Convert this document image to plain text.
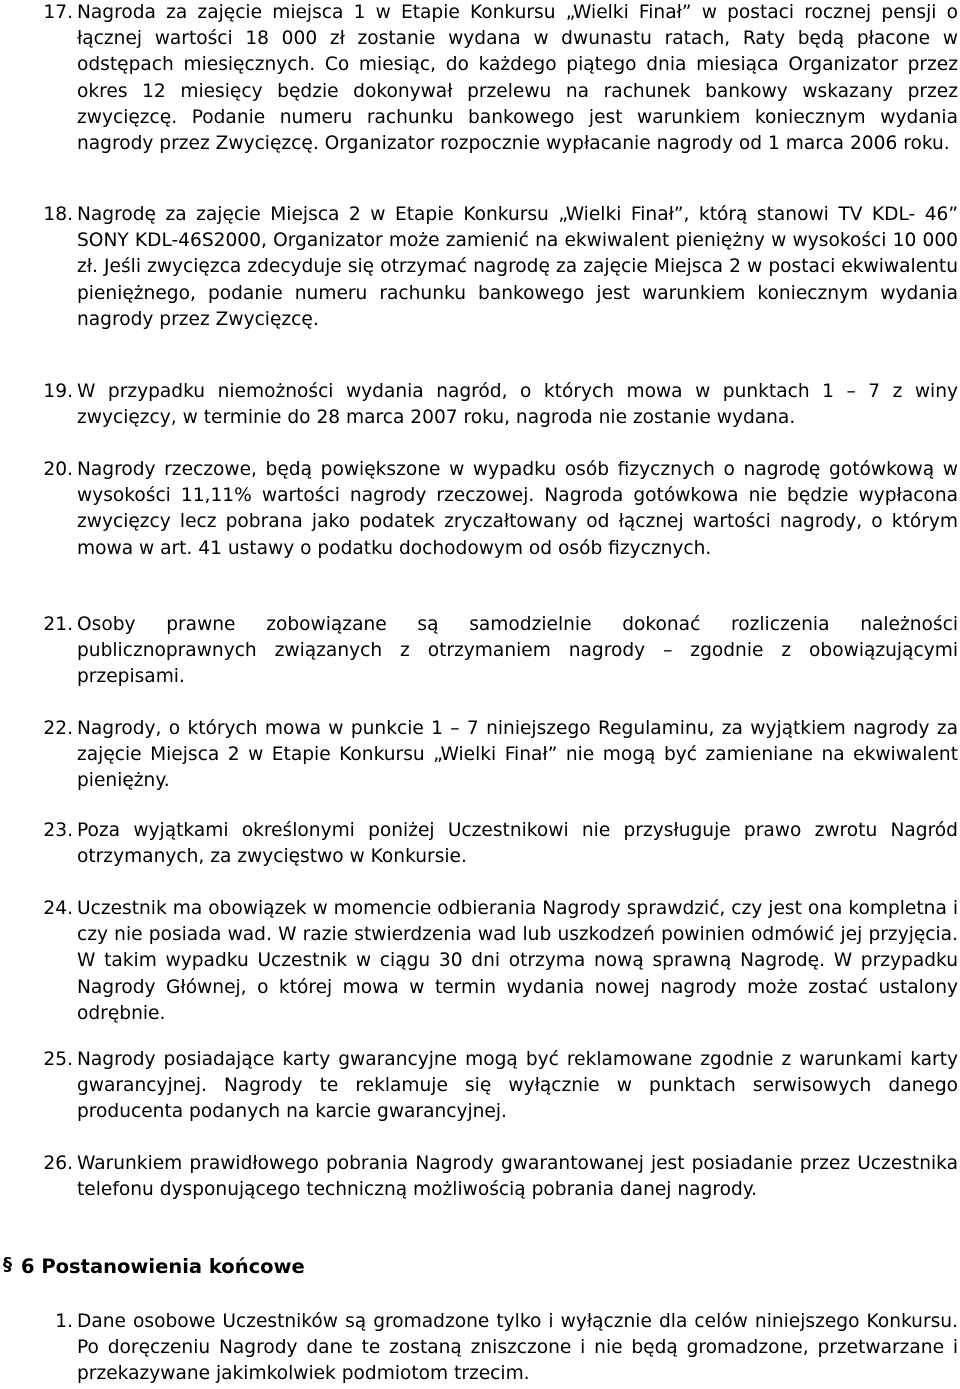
17. Nagroda za zajęcie miejsca 1 w Etapie Konkursu „Wielki Finał” w postaci rocznej pensji o łącznej wartości 18 000 zł zostanie wydana w dwunastu ratach, Raty będą płacone w odstępach miesięcznych. Co miesiąc, do każdego piątego dnia miesiąca Organizator przez okres 12 miesięcy będzie dokonywał przelewu na rachunek bankowy wskazany przez zwycięzcę. Podanie numeru rachunku bankowego jest warunkiem koniecznym wydania nagrody przez Zwycięzcę. Organizator rozpocznie wypłacanie nagrody od 1 marca 2006 roku.
18. Nagrodę za zajęcie Miejsca 2 w Etapie Konkursu „Wielki Finał”, którą stanowi TV KDL- 46” SONY KDL-46S2000, Organizator może zamienić na ekwiwalent pieniężny w wysokości 10 000 zł. Jeśli zwycięzca zdecyduje się otrzymać nagrodę za zajęcie Miejsca 2 w postaci ekwiwalentu pieniężnego, podanie numeru rachunku bankowego jest warunkiem koniecznym wydania nagrody przez Zwycięzcę.
19. W przypadku niemożności wydania nagród, o których mowa w punktach 1 – 7 z winy zwycięzcy, w terminie do 28 marca 2007 roku, nagroda nie zostanie wydana.
20. Nagrody rzeczowe, będą powiększone w wypadku osób fizycznych o nagrodę gotówkową w wysokości 11,11% wartości nagrody rzeczowej. Nagroda gotówkowa nie będzie wypłacona zwycięzcy lecz pobrana jako podatek zryczałtowany od łącznej wartości nagrody, o którym mowa w art. 41 ustawy o podatku dochodowym od osób fizycznych.
21. Osoby prawne zobowiązane są samodzielnie dokonać rozliczenia należności publicznoprawnych związanych z otrzymaniem nagrody – zgodnie z obowiązującymi przepisami.
22. Nagrody, o których mowa w punkcie 1 – 7 niniejszego Regulaminu, za wyjątkiem nagrody za zajęcie Miejsca 2 w Etapie Konkursu „Wielki Finał” nie mogą być zamieniane na ekwiwalent pieniężny.
23. Poza wyjątkami określonymi poniżej Uczestnikowi nie przysługuje prawo zwrotu Nagród otrzymanych, za zwycięstwo w Konkursie.
24. Uczestnik ma obowiązek w momencie odbierania Nagrody sprawdzić, czy jest ona kompletna i czy nie posiada wad. W razie stwierdzenia wad lub uszkodzeń powinien odmówić jej przyjęcia. W takim wypadku Uczestnik w ciągu 30 dni otrzyma nową sprawną Nagrodę. W przypadku Nagrody Głównej, o której mowa w termin wydania nowej nagrody może zostać ustalony odrębnie.
25. Nagrody posiadające karty gwarancyjne mogą być reklamowane zgodnie z warunkami karty gwarancyjnej. Nagrody te reklamuje się wyłącznie w punktach serwisowych danego producenta podanych na karcie gwarancyjnej.
26. Warunkiem prawidłowego pobrania Nagrody gwarantowanej jest posiadanie przez Uczestnika telefonu dysponującego techniczną możliwością pobrania danej nagrody.
§ 6 Postanowienia końcowe
1. Dane osobowe Uczestników są gromadzone tylko i wyłącznie dla celów niniejszego Konkursu. Po doręczeniu Nagrody dane te zostaną zniszczone i nie będą gromadzone, przetwarzane i przekazywane jakimkolwiek podmiotom trzecim.
